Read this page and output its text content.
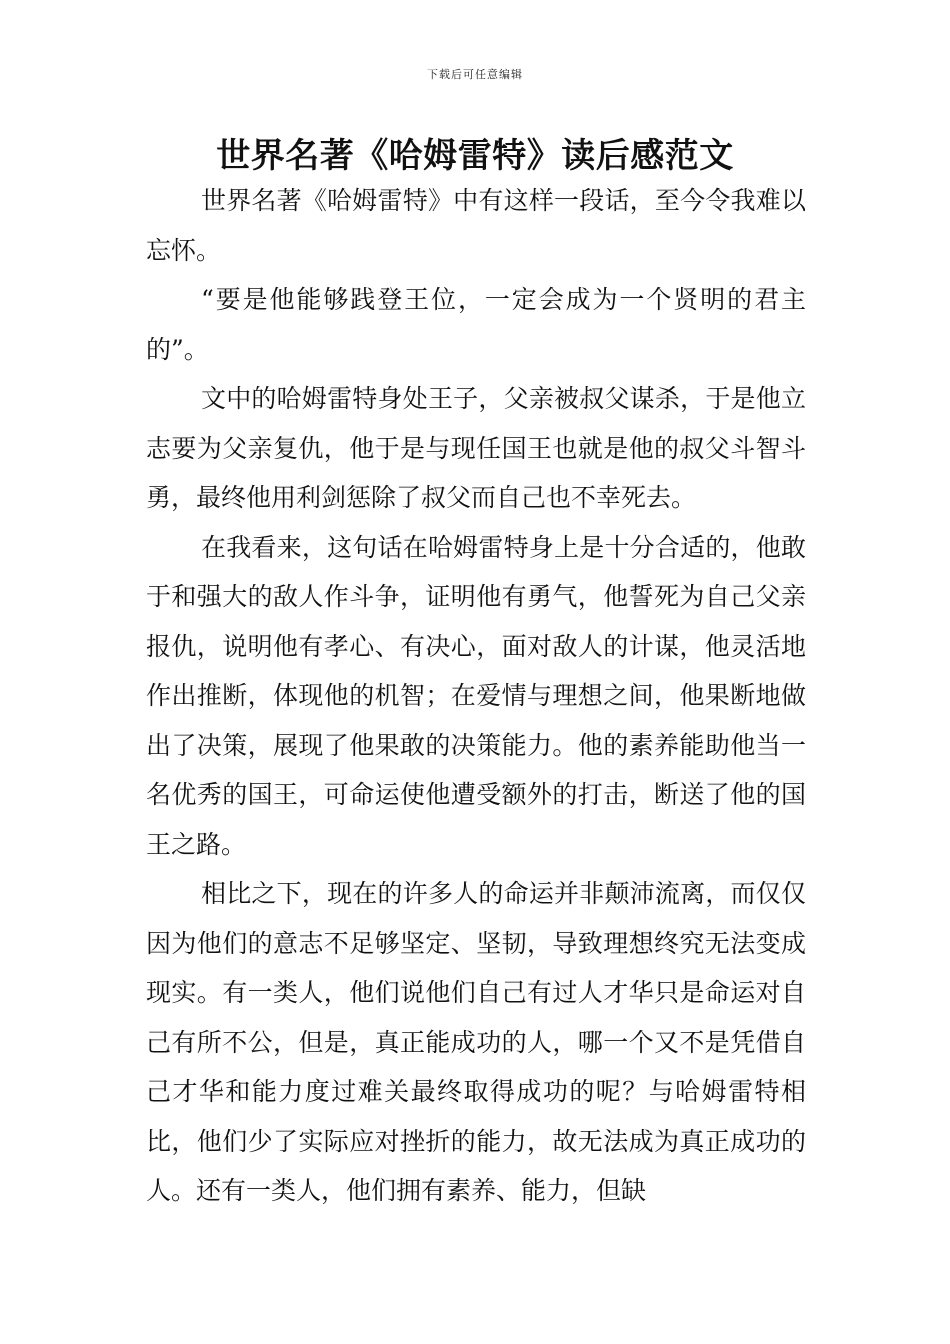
下载后可任意编辑
世界名著《哈姆雷特》读后感范文

世界名著《哈姆雷特》中有这样一段话，至今令我难以忘怀。

“要是他能够践登王位，一定会成为一个贤明的君主的”。

文中的哈姆雷特身处王子，父亲被叔父谋杀，于是他立志要为父亲复仇，他于是与现任国王也就是他的叔父斗智斗勇，最终他用利剑惩除了叔父而自己也不幸死去。

在我看来，这句话在哈姆雷特身上是十分合适的，他敢于和强大的敌人作斗争，证明他有勇气，他誓死为自己父亲报仇，说明他有孝心、有决心，面对敌人的计谋，他灵活地作出推断，体现他的机智；在爱情与理想之间，他果断地做出了决策，展现了他果敢的决策能力。他的素养能助他当一名优秀的国王，可命运使他遭受额外的打击，断送了他的国王之路。

相比之下，现在的许多人的命运并非颠沛流离，而仅仅因为他们的意志不足够坚定、坚韧，导致理想终究无法变成现实。有一类人，他们说他们自己有过人才华只是命运对自己有所不公，但是，真正能成功的人，哪一个又不是凭借自己才华和能力度过难关最终取得成功的呢？与哈姆雷特相比，他们少了实际应对挫折的能力，故无法成为真正成功的人。还有一类人，他们拥有素养、能力，但缺
